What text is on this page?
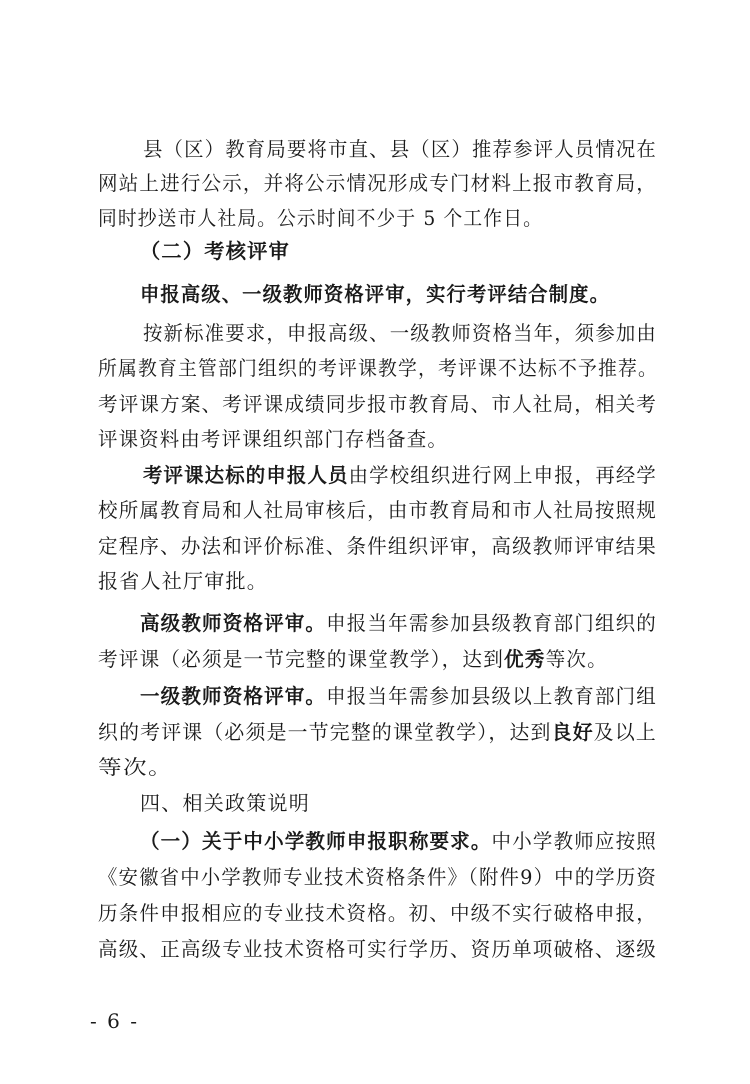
县（区）教育局要将市直、县（区）推荐参评人员情况在
网站上进行公示，并将公示情况形成专门材料上报市教育局，
同时抄送市人社局。公示时间不少于 5 个工作日。
（二）考核评审
申报高级、一级教师资格评审，实行考评结合制度。
按新标准要求，申报高级、一级教师资格当年，须参加由
所属教育主管部门组织的考评课教学，考评课不达标不予推荐。
考评课方案、考评课成绩同步报市教育局、市人社局，相关考
评课资料由考评课组织部门存档备查。
考评课达标的申报人员由学校组织进行网上申报，再经学
校所属教育局和人社局审核后，由市教育局和市人社局按照规
定程序、办法和评价标准、条件组织评审，高级教师评审结果
报省人社厅审批。
高级教师资格评审。申报当年需参加县级教育部门组织的
考评课（必须是一节完整的课堂教学），达到优秀等次。
一级教师资格评审。申报当年需参加县级以上教育部门组
织的考评课（必须是一节完整的课堂教学），达到良好及以上
等次。
四、相关政策说明
（一）关于中小学教师申报职称要求。中小学教师应按照
《安徽省中小学教师专业技术资格条件》（附件9）中的学历资
历条件申报相应的专业技术资格。初、中级不实行破格申报，
高级、正高级专业技术资格可实行学历、资历单项破格、逐级
- 6 -
